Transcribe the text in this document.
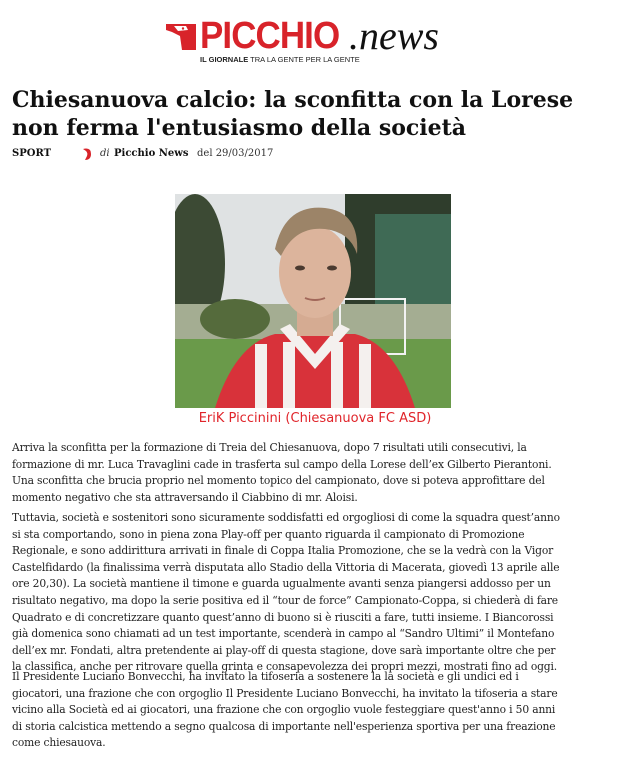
PICCHIO .news
IL GIORNALE TRA LA GENTE PER LA GENTE
Chiesanuova calcio: la sconfitta con la Lorese non ferma l'entusiasmo della società
SPORT	di Picchio News del 29/03/2017
EriK Piccinini (Chiesanuova FC ASD)

Arriva la sconfitta per la formazione di Treia del Chiesanuova, dopo 7 risultati utili consecutivi, la
formazione di mr. Luca Travaglini cade in trasferta sul campo della Lorese dell’ex Gilberto Pierantoni.
Una sconfitta che brucia proprio nel momento topico del campionato, dove si poteva approfittare del
momento negativo che sta attraversando il Ciabbino di mr. Aloisi.

Tuttavia, società e sostenitori sono sicuramente soddisfatti ed orgogliosi di come la squadra quest’anno
si sta comportando, sono in piena zona Play-off per quanto riguarda il campionato di Promozione
Regionale, e sono addirittura arrivati in finale di Coppa Italia Promozione, che se la vedrà con la Vigor
Castelfidardo (la finalissima verrà disputata allo Stadio della Vittoria di Macerata, giovedì 13 aprile alle
ore 20,30). La società mantiene il timone e guarda ugualmente avanti senza piangersi addosso per un
risultato negativo, ma dopo la serie positiva ed il “tour de force” Campionato-Coppa, si chiederà di fare
Quadrato e di concretizzare quanto quest’anno di buono si è riusciti a fare, tutti insieme. I Biancorossi
già domenica sono chiamati ad un test importante, scenderà in campo al “Sandro Ultimi” il Montefano
dell’ex mr. Fondati, altra pretendente ai play-off di questa stagione, dove sarà importante oltre che per
la classifica, anche per ritrovare quella grinta e consapevolezza dei propri mezzi, mostrati fino ad oggi.

Il Presidente Luciano Bonvecchi, ha invitato la tifoseria a sostenere la la società e gli undici ed i
giocatori, una frazione che con orgoglio Il Presidente Luciano Bonvecchi, ha invitato la tifoseria a stare
vicino alla Società ed ai giocatori, una frazione che con orgoglio vuole festeggiare quest'anno i 50 anni
di storia calcistica mettendo a segno qualcosa di importante nell'esperienza sportiva per una freazione
come chiesauova.
